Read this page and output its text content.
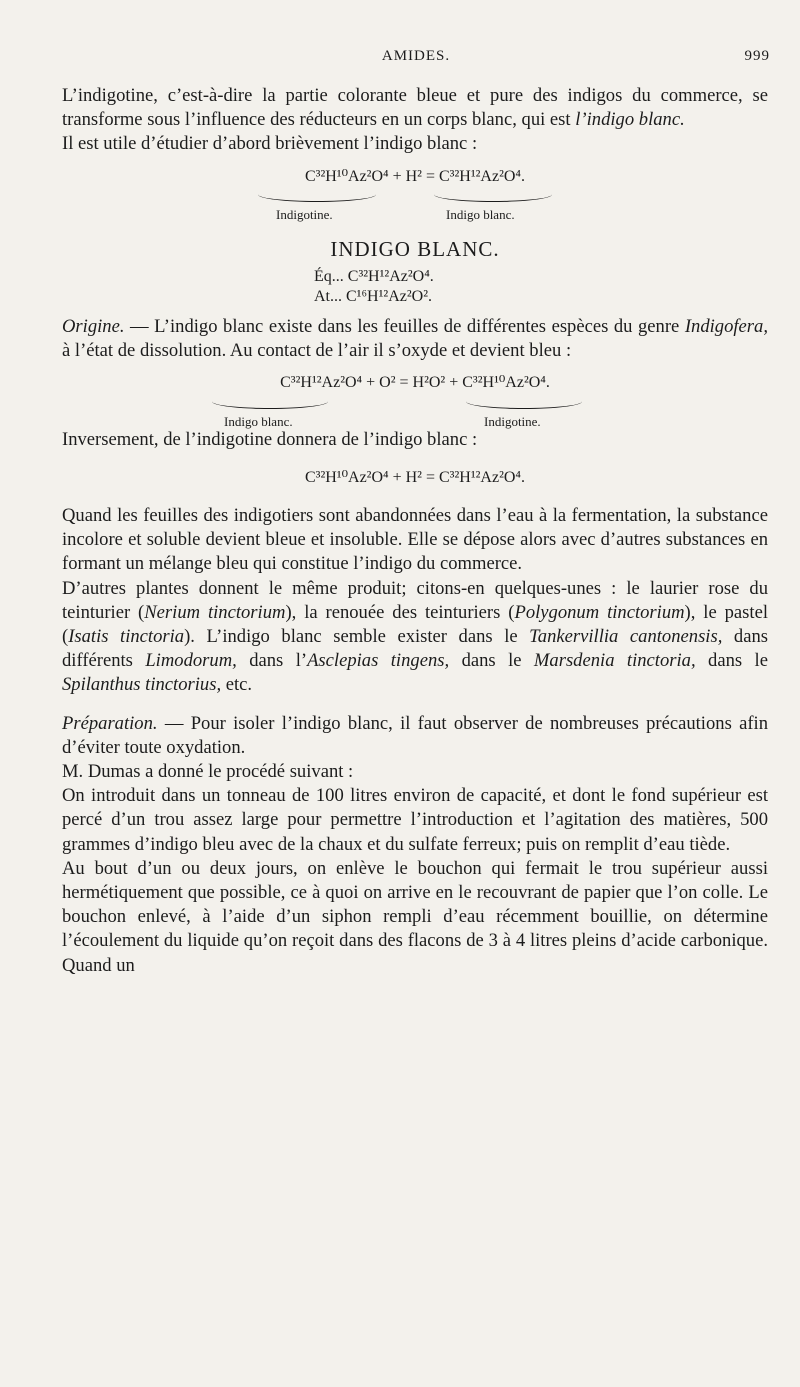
AMIDES.	999

L’indigotine, c’est-à-dire la partie colorante bleue et pure des indigos du commerce, se transforme sous l’influence des réducteurs en un corps blanc, qui est l’indigo blanc.

Il est utile d’étudier d’abord brièvement l’indigo blanc :

C³²H¹⁰Az²O⁴ + H² = C³²H¹²Az²O⁴.
Indigotine.	Indigo blanc.
INDIGO BLANC.
Éq... C³²H¹²Az²O⁴.
At... C¹⁶H¹²Az²O².

Origine. — L’indigo blanc existe dans les feuilles de différentes espèces du genre Indigofera, à l’état de dissolution. Au contact de l’air il s’oxyde et devient bleu :

C³²H¹²Az²O⁴ + O² = H²O² + C³²H¹⁰Az²O⁴.
Indigo blanc.	Indigotine.

Inversement, de l’indigotine donnera de l’indigo blanc :

C³²H¹⁰Az²O⁴ + H² = C³²H¹²Az²O⁴.

Quand les feuilles des indigotiers sont abandonnées dans l’eau à la fermentation, la substance incolore et soluble devient bleue et insoluble. Elle se dépose alors avec d’autres substances en formant un mélange bleu qui constitue l’indigo du commerce.

D’autres plantes donnent le même produit; citons-en quelques-unes : le laurier rose du teinturier (Nerium tinctorium), la renouée des teinturiers (Polygonum tinctorium), le pastel (Isatis tinctoria). L’indigo blanc semble exister dans le Tankervillia cantonensis, dans différents Limodorum, dans l’Asclepias tingens, dans le Marsdenia tinctoria, dans le Spilanthus tinctorius, etc.

Préparation. — Pour isoler l’indigo blanc, il faut observer de nombreuses précautions afin d’éviter toute oxydation.

M. Dumas a donné le procédé suivant :

On introduit dans un tonneau de 100 litres environ de capacité, et dont le fond supérieur est percé d’un trou assez large pour permettre l’introduction et l’agitation des matières, 500 grammes d’indigo bleu avec de la chaux et du sulfate ferreux; puis on remplit d’eau tiède.

Au bout d’un ou deux jours, on enlève le bouchon qui fermait le trou supérieur aussi hermétiquement que possible, ce à quoi on arrive en le recouvrant de papier que l’on colle. Le bouchon enlevé, à l’aide d’un siphon rempli d’eau récemment bouillie, on détermine l’écoulement du liquide qu’on reçoit dans des flacons de 3 à 4 litres pleins d’acide carbonique. Quand un
